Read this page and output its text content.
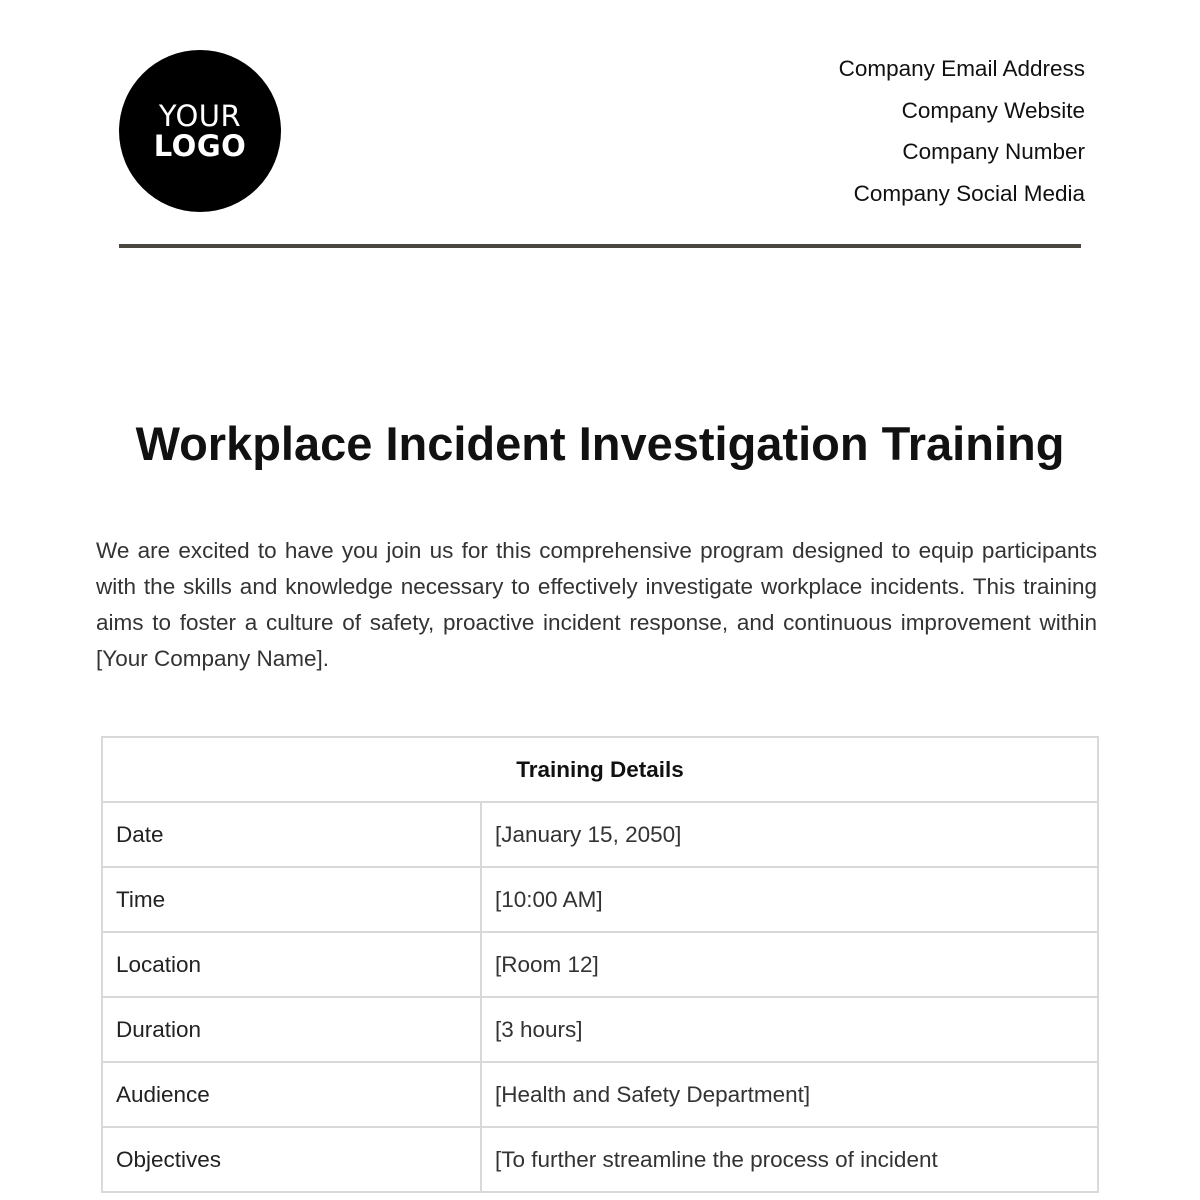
YOUR
LOGO
Company Email Address
Company Website
Company Number
Company Social Media
Workplace Incident Investigation Training

We are excited to have you join us for this comprehensive program designed to equip participants with the skills and knowledge necessary to effectively investigate workplace incidents. This training aims to foster a culture of safety, proactive incident response, and continuous improvement within [Your Company Name].

Training Details	
Date	[January 15, 2050]
Time	[10:00 AM]
Location	[Room 12]
Duration	[3 hours]
Audience	[Health and Safety Department]
Objectives	[To further streamline the process of incident
